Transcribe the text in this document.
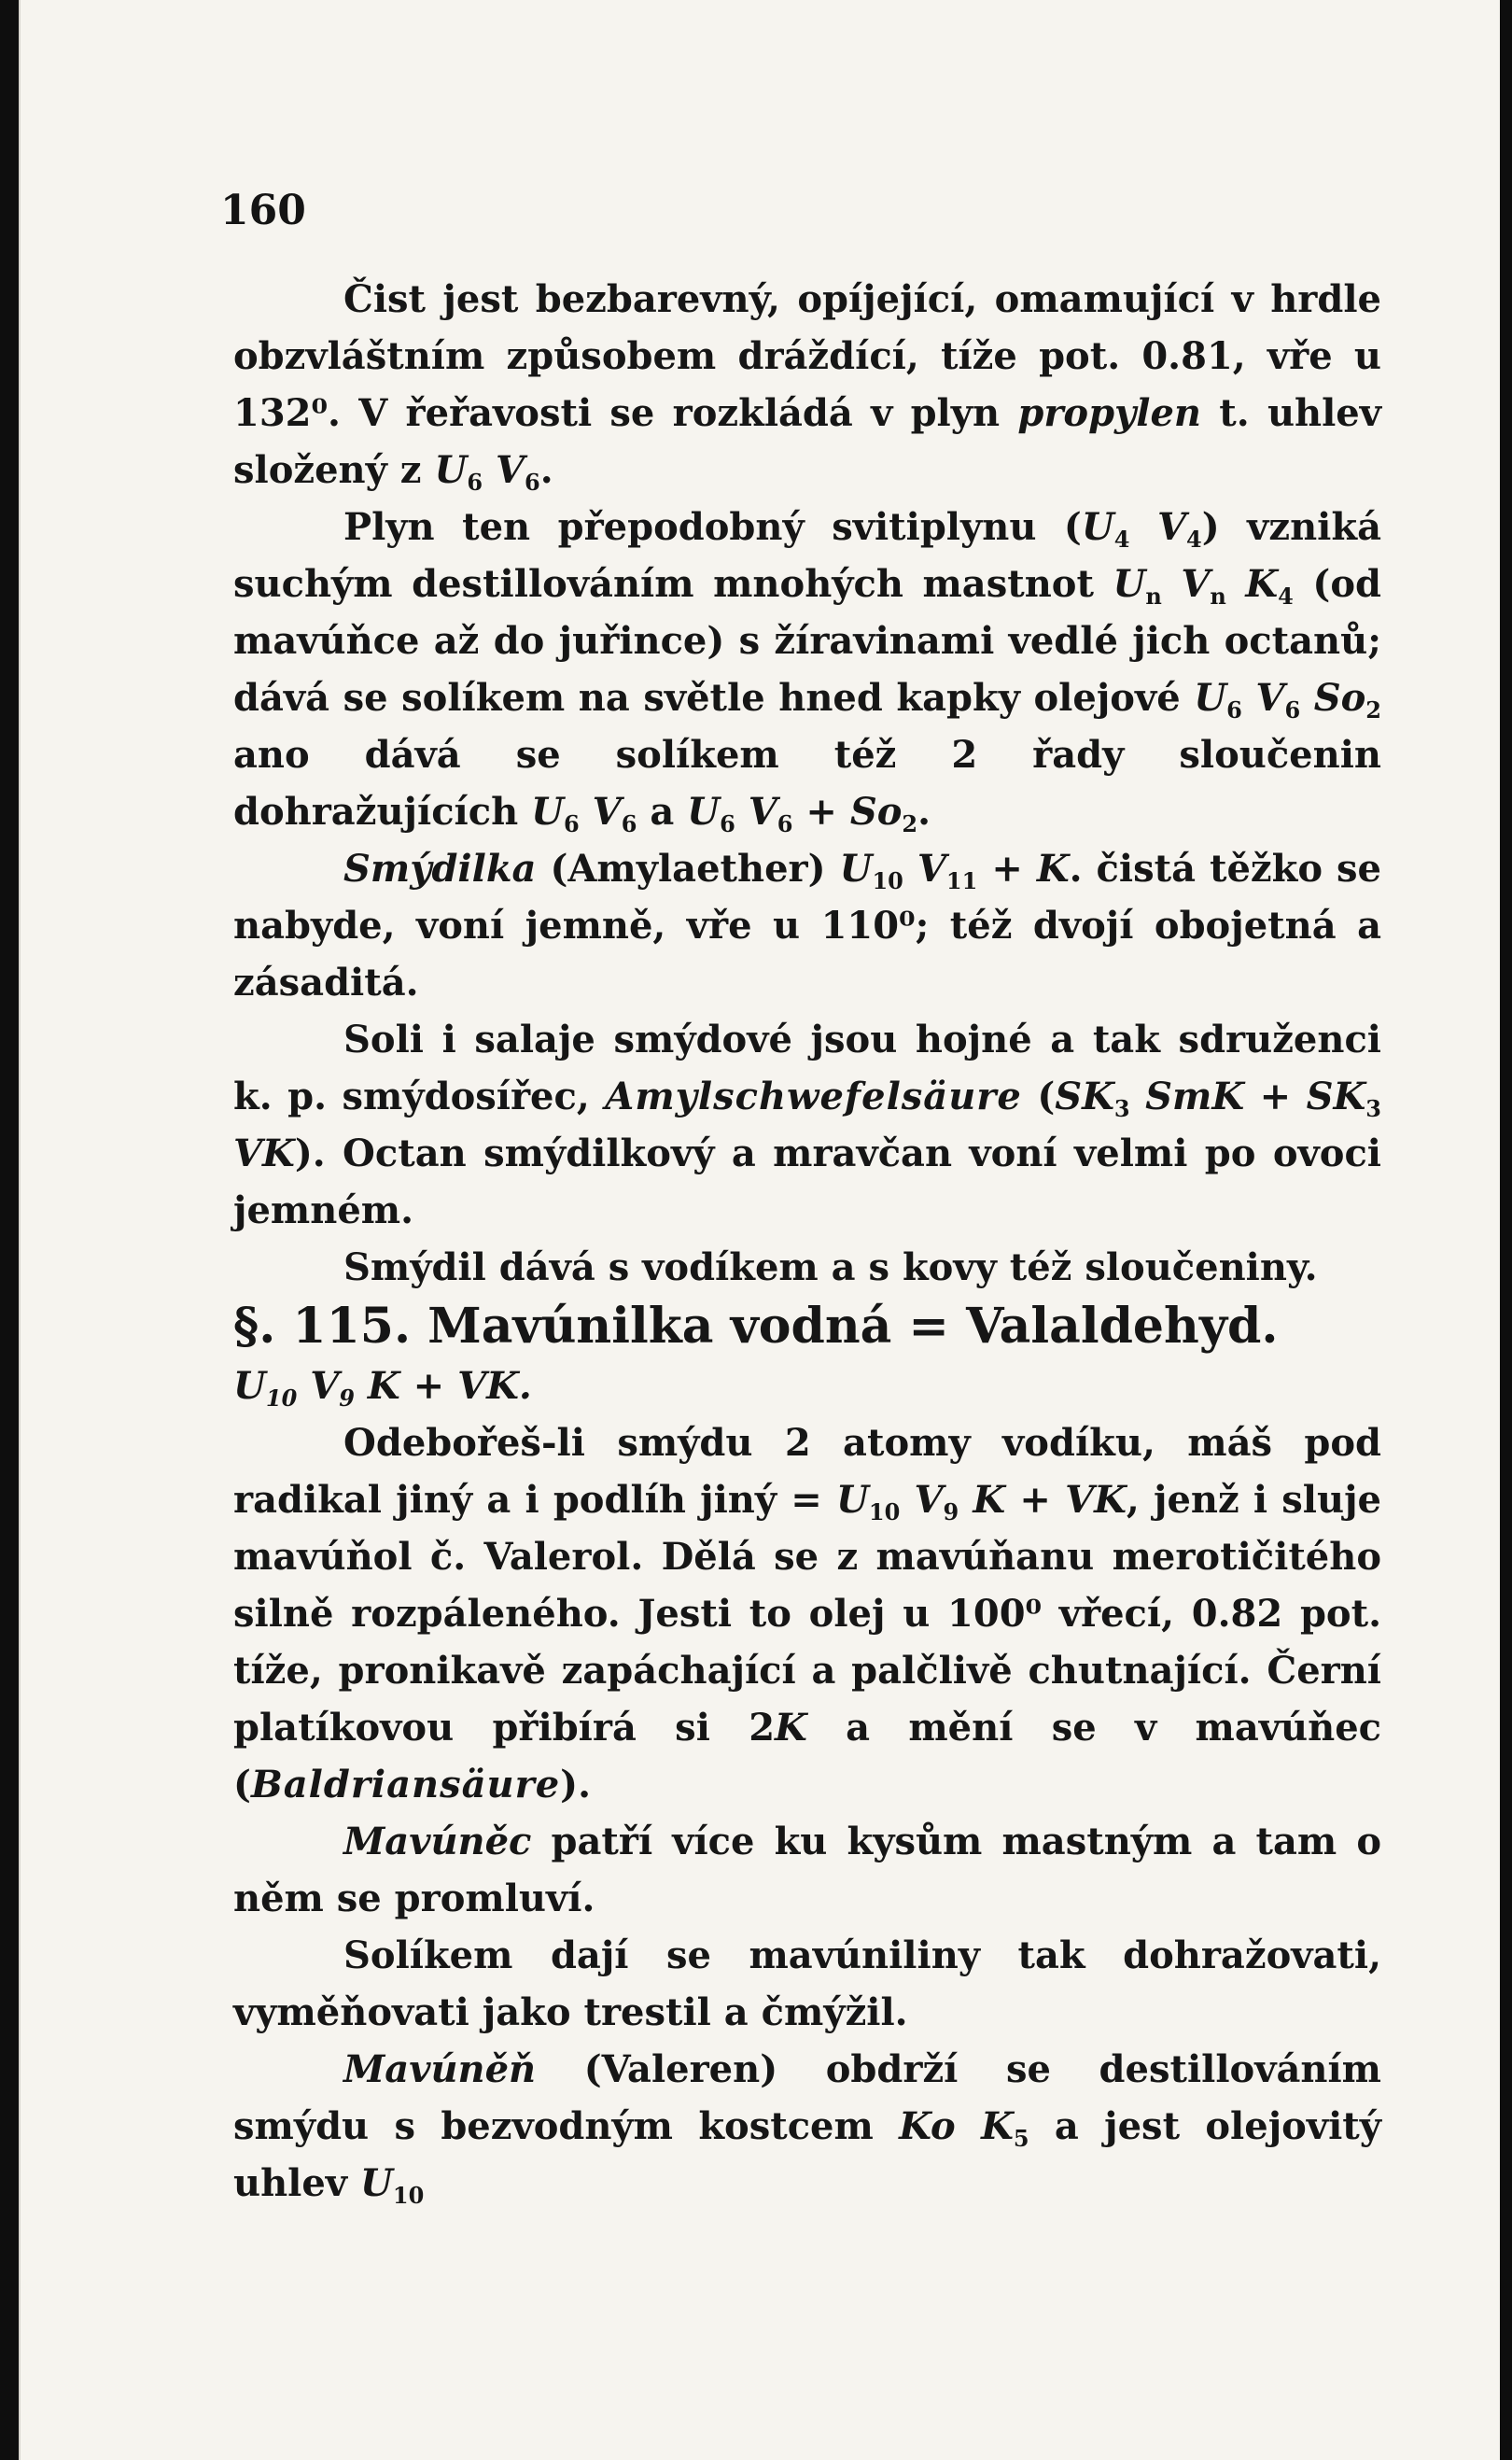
160

Čist jest bezbarevný, opíjející, omamující v hrdle obzvláštním způsobem dráždící, tíže pot. 0.81, vře u 132⁰. V řeřavosti se rozkládá v plyn propylen t. uhlev složený z $U_6$ $V_6$.

Plyn ten přepodobný svitiplynu ($U_4$ $V_4$) vzniká suchým destillováním mnohých mastnot $U_n$ $V_n$ $K_4$ (od mavúňce až do juřince) s žíravinami vedlé jich octanů; dává se solíkem na světle hned kapky olejové $U_6$ $V_6$ $So_2$ ano dává se solíkem též 2 řady sloučenin dohražujících $U_6$ $V_6$ a $U_6$ $V_6 + So_2$.

Smýdilka (Amylaether) $U_{10}$ $V_{11} + K$. čistá těžko se nabyde, voní jemně, vře u 110⁰; též dvojí obojetná a zásaditá.

Soli i salaje smýdové jsou hojné a tak sdruženci k. p. smýdosířec, Amylschwefelsäure ($SK_3$ SmK + $SK_3$ VK). Octan smýdilkový a mravčan voní velmi po ovoci jemném.

Smýdil dává s vodíkem a s kovy též sloučeniny.

§. 115. Mavúnilka vodná = Valaldehyd.

$U_{10}$ $V_9$ K + VK.

Odebořeš-li smýdu 2 atomy vodíku, máš pod radikal jiný a i podlíh jiný = $U_{10}$ $V_9$ K + VK, jenž i sluje mavúňol č. Valerol. Dělá se z mavúňanu merotičitého silně rozpáleného. Jesti to olej u 100⁰ vřecí, 0.82 pot. tíže, pronikavě zapáchající a palčlivě chutnající. Černí platíkovou přibírá si 2K a mění se v mavúňec (Baldriansäure).

Mavúněc patří více ku kysům mastným a tam o něm se promluví.

Solíkem dají se mavúniliny tak dohražovati, vyměňovati jako trestil a čmýžil.

Mavúněň (Valeren) obdrží se destillováním smýdu s bezvodným kostcem Ko $K_5$ a jest olejovitý uhlev $U_{10}$
